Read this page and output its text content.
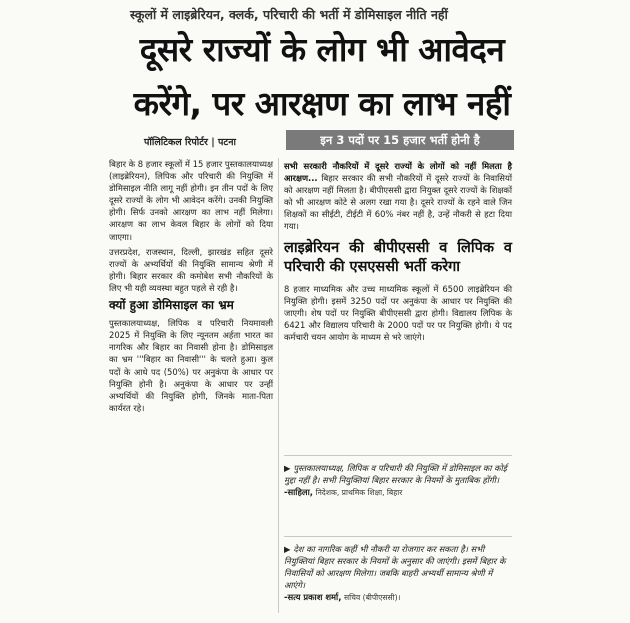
स्कूलों में लाइब्रेरियन, क्लर्क, परिचारी की भर्ती में डोमिसाइल नीति नहीं
दूसरे राज्यों के लोग भी आवेदन
करेंगे, पर आरक्षण का लाभ नहीं
पॉलिटिकल रिपोर्टर | पटना	इन 3 पदों पर 15 हजार भर्ती होनी है

बिहार के 8 हजार स्कूलों में 15 हजार पुस्तकालयाध्यक्ष (लाइब्रेरियन), लिपिक और परिचारी की नियुक्ति में डोमिसाइल नीति लागू नहीं होगी। इन तीन पदों के लिए दूसरे राज्यों के लोग भी आवेदन करेंगे। उनकी नियुक्ति होगी। सिर्फ उनको आरक्षण का लाभ नहीं मिलेगा। आरक्षण का लाभ केवल बिहार के लोगों को दिया जाएगा।

उत्तरप्रदेश, राजस्थान, दिल्ली, झारखंड सहित दूसरे राज्यों के अभ्यर्थियों की नियुक्ति सामान्य श्रेणी में होगी। बिहार सरकार की कमोबेश सभी नौकरियों के लिए भी यही व्यवस्था बहुत पहले से रही है।

क्यों हुआ डोमिसाइल का भ्रम

पुस्तकालयाध्यक्ष, लिपिक व परिचारी नियमावली 2025 में नियुक्ति के लिए न्यूनतम अर्हता भारत का नागरिक और बिहार का निवासी होना है। डोमिसाइल का भ्रम '''बिहार का निवासी''' के चलते हुआ। कुल पदों के आधे पद (50%) पर अनुकंपा के आधार पर नियुक्ति होनी है। अनुकंपा के आधार पर उन्हीं अभ्यर्थियों की नियुक्ति होगी, जिनके माता-पिता कार्यरत रहे।

सभी सरकारी नौकरियों में दूसरे राज्यों के लोगों को नहीं मिलता है आरक्षण... बिहार सरकार की सभी नौकरियों में दूसरे राज्यों के निवासियों को आरक्षण नहीं मिलता है। बीपीएससी द्वारा नियुक्त दूसरे राज्यों के शिक्षकों को भी आरक्षण कोटे से अलग रखा गया है। दूसरे राज्यों के रहने वाले जिन शिक्षकों का सीईटी, टीईटी में 60% नंबर नहीं है, उन्हें नौकरी से हटा दिया गया।

लाइब्रेरियन की बीपीएससी व लिपिक व परिचारी की एसएससी भर्ती करेगा

8 हजार माध्यमिक और उच्च माध्यमिक स्कूलों में 6500 लाइब्रेरियन की नियुक्ति होगी। इसमें 3250 पदों पर अनुकंपा के आधार पर नियुक्ति की जाएगी। शेष पदों पर नियुक्ति बीपीएससी द्वारा होगी। विद्यालय लिपिक के 6421 और विद्यालय परिचारी के 2000 पदों पर पर नियुक्ति होगी। ये पद कर्मचारी चयन आयोग के माध्यम से भरे जाएंगे।

▶ पुस्तकालयाध्यक्ष, लिपिक व परिचारी की नियुक्ति में डोमिसाइल का कोई मुद्दा नहीं है। सभी नियुक्तियां बिहार सरकार के नियमों के मुताबिक होंगी।
-साहिला, निदेशक, प्राथमिक शिक्षा, बिहार
▶ देश का नागरिक कहीं भी नौकरी या रोजगार कर सकता है। सभी नियुक्तियां बिहार सरकार के नियमों के अनुसार की जाएंगी। इसमें बिहार के निवासियों को आरक्षण मिलेगा। जबकि बाहरी अभ्यर्थी सामान्य श्रेणी में आएंगे।
-सत्य प्रकाश शर्मा, सचिव (बीपीएससी)।
